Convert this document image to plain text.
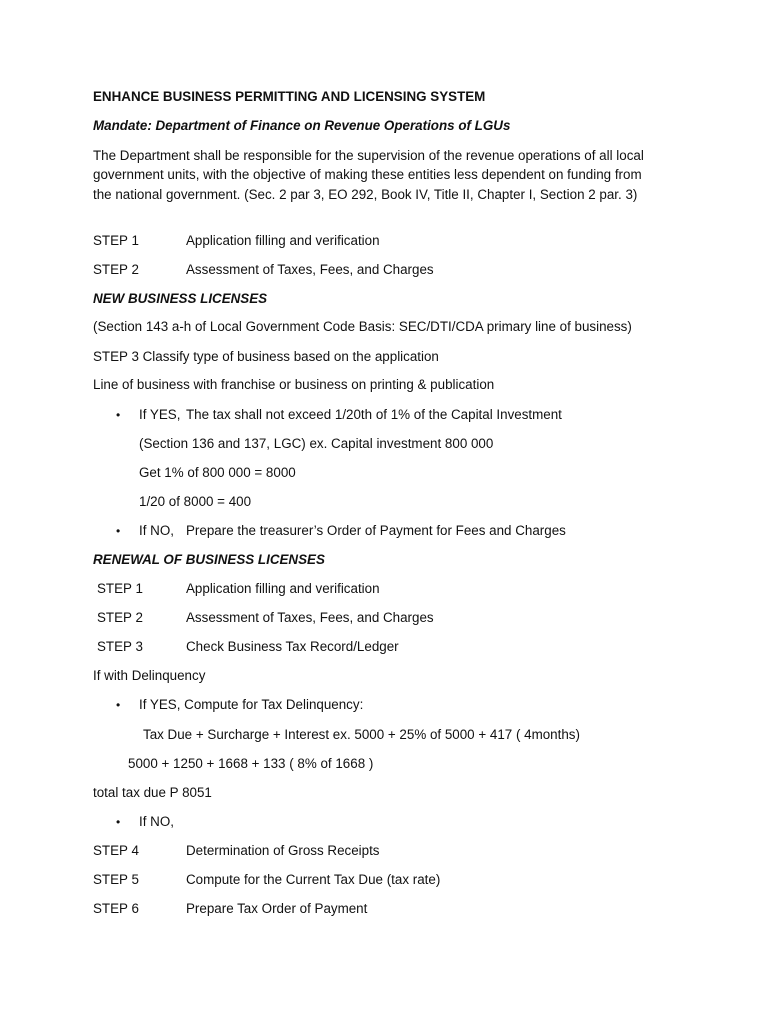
ENHANCE BUSINESS PERMITTING AND LICENSING SYSTEM
Mandate: Department of Finance on Revenue Operations of LGUs
The Department shall be responsible for the supervision of the revenue operations of all local government units, with the objective of making these entities less dependent on funding from the national government. (Sec. 2 par 3, EO 292, Book IV, Title II, Chapter I, Section 2 par. 3)
STEP 1	Application filling and verification
STEP 2	Assessment of Taxes, Fees, and Charges
NEW BUSINESS LICENSES
(Section 143 a-h of Local Government Code Basis: SEC/DTI/CDA primary line of business)
STEP 3 Classify type of business based on the application
Line of business with franchise or business on printing & publication
• If YES, The tax shall not exceed 1/20th of 1% of the Capital Investment
(Section 136 and 137, LGC) ex. Capital investment 800 000
Get 1% of 800 000 = 8000
1/20 of 8000 = 400
• If NO, Prepare the treasurer’s Order of Payment for Fees and Charges
RENEWAL OF BUSINESS LICENSES
STEP 1	Application filling and verification
STEP 2	Assessment of Taxes, Fees, and Charges
STEP 3	Check Business Tax Record/Ledger
If with Delinquency
• If YES, Compute for Tax Delinquency:
Tax Due + Surcharge + Interest ex. 5000 + 25% of 5000 + 417 ( 4months)
5000 + 1250 + 1668 + 133 ( 8% of 1668 )
total tax due P 8051
• If NO,
STEP 4	Determination of Gross Receipts
STEP 5	Compute for the Current Tax Due (tax rate)
STEP 6	Prepare Tax Order of Payment
